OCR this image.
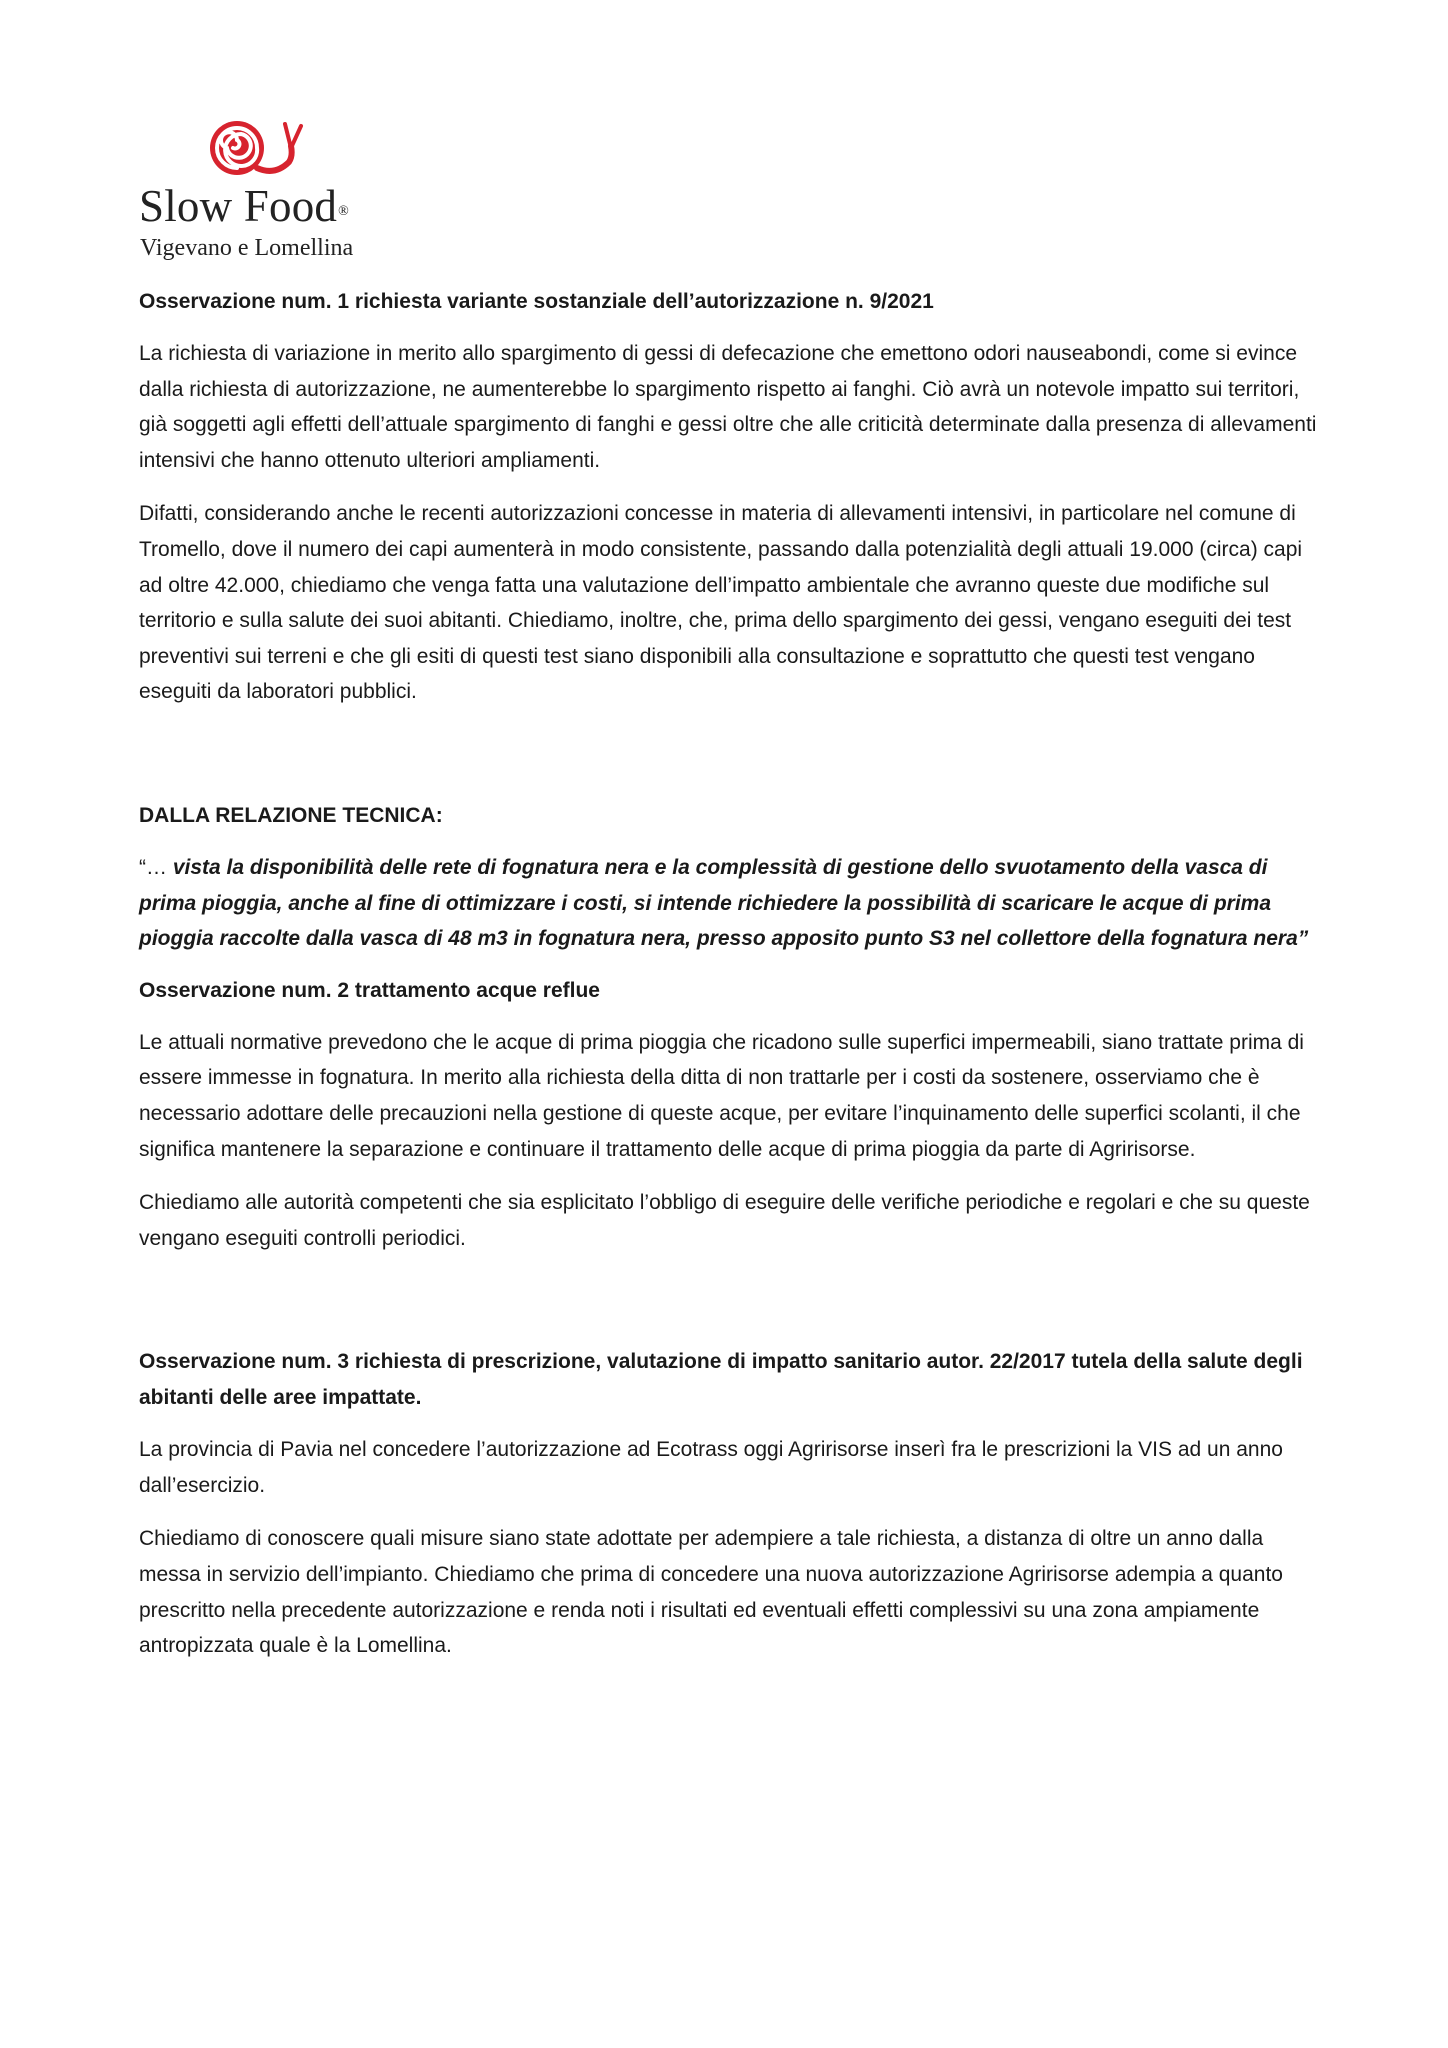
Slow Food®
Vigevano e Lomellina

Osservazione num. 1 richiesta variante sostanziale dell’autorizzazione n. 9/2021

La richiesta di variazione in merito allo spargimento di gessi di defecazione che emettono odori nauseabondi, come si evince dalla richiesta di autorizzazione, ne aumenterebbe lo spargimento rispetto ai fanghi. Ciò avrà un notevole impatto sui territori, già soggetti agli effetti dell’attuale spargimento di fanghi e gessi oltre che alle criticità determinate dalla presenza di allevamenti intensivi che hanno ottenuto ulteriori ampliamenti.

Difatti, considerando anche le recenti autorizzazioni concesse in materia di allevamenti intensivi, in particolare nel comune di Tromello, dove il numero dei capi aumenterà in modo consistente, passando dalla potenzialità degli attuali 19.000 (circa) capi ad oltre 42.000, chiediamo che venga fatta una valutazione dell’impatto ambientale che avranno queste due modifiche sul territorio e sulla salute dei suoi abitanti. Chiediamo, inoltre, che, prima dello spargimento dei gessi, vengano eseguiti dei test preventivi sui terreni e che gli esiti di questi test siano disponibili alla consultazione e soprattutto che questi test vengano eseguiti da laboratori pubblici.

DALLA RELAZIONE TECNICA:

“… vista la disponibilità delle rete di fognatura nera e la complessità di gestione dello svuotamento della vasca di prima pioggia, anche al fine di ottimizzare i costi, si intende richiedere la possibilità di scaricare le acque di prima pioggia raccolte dalla vasca di 48 m3 in fognatura nera, presso apposito punto S3 nel collettore della fognatura nera”

Osservazione num. 2 trattamento acque reflue

Le attuali normative prevedono che le acque di prima pioggia che ricadono sulle superfici impermeabili, siano trattate prima di essere immesse in fognatura. In merito alla richiesta della ditta di non trattarle per i costi da sostenere, osserviamo che è necessario adottare delle precauzioni nella gestione di queste acque, per evitare l’inquinamento delle superfici scolanti, il che significa mantenere la separazione e continuare il trattamento delle acque di prima pioggia da parte di Agririsorse.

Chiediamo alle autorità competenti che sia esplicitato l’obbligo di eseguire delle verifiche periodiche e regolari e che su queste vengano eseguiti controlli periodici.

Osservazione num. 3 richiesta di prescrizione, valutazione di impatto sanitario autor. 22/2017 tutela della salute degli abitanti delle aree impattate.

La provincia di Pavia nel concedere l’autorizzazione ad Ecotrass oggi Agririsorse inserì fra le prescrizioni la VIS ad un anno dall’esercizio.

Chiediamo di conoscere quali misure siano state adottate per adempiere a tale richiesta, a distanza di oltre un anno dalla messa in servizio dell’impianto. Chiediamo che prima di concedere una nuova autorizzazione Agririsorse adempia a quanto prescritto nella precedente autorizzazione e renda noti i risultati ed eventuali effetti complessivi su una zona ampiamente antropizzata quale è la Lomellina.
